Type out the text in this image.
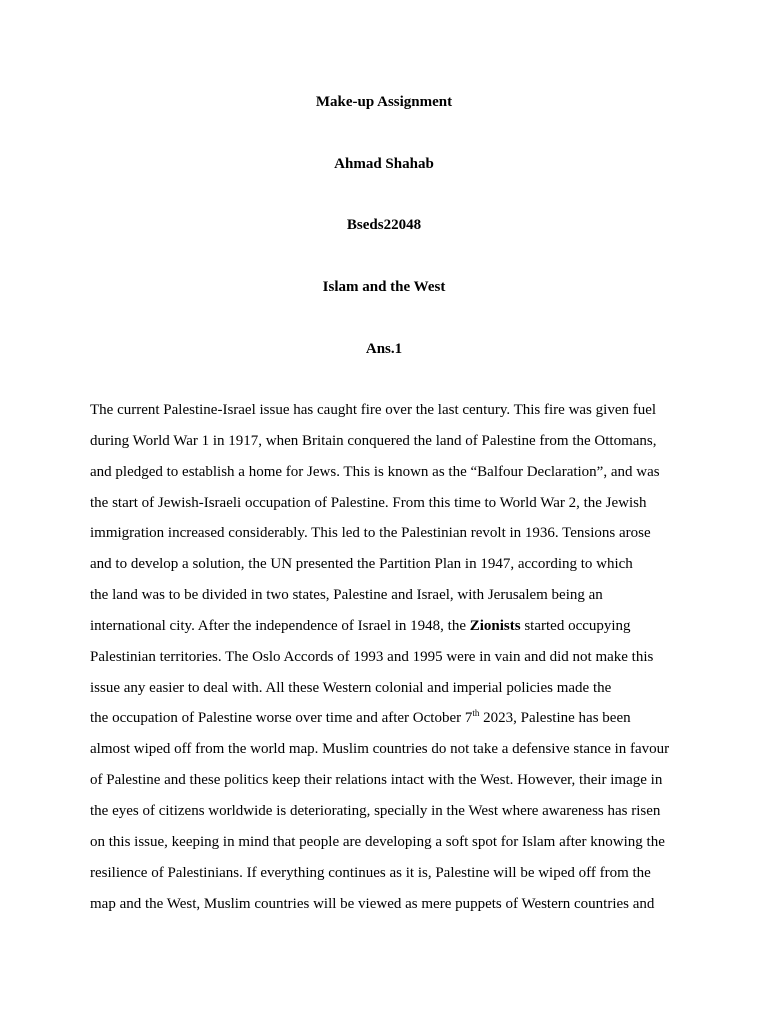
Make-up Assignment
Ahmad Shahab
Bseds22048
Islam and the West
Ans.1
The current Palestine-Israel issue has caught fire over the last century. This fire was given fuel
during World War 1 in 1917, when Britain conquered the land of Palestine from the Ottomans,
and pledged to establish a home for Jews. This is known as the “Balfour Declaration”, and was
the start of Jewish-Israeli occupation of Palestine. From this time to World War 2, the Jewish
immigration increased considerably. This led to the Palestinian revolt in 1936. Tensions arose
and to develop a solution, the UN presented the Partition Plan in 1947, according to which
the land was to be divided in two states, Palestine and Israel, with Jerusalem being an
international city. After the independence of Israel in 1948, the Zionists started occupying
Palestinian territories. The Oslo Accords of 1993 and 1995 were in vain and did not make this
issue any easier to deal with. All these Western colonial and imperial policies made the
the occupation of Palestine worse over time and after October 7th 2023, Palestine has been
almost wiped off from the world map. Muslim countries do not take a defensive stance in favour
of Palestine and these politics keep their relations intact with the West. However, their image in
the eyes of citizens worldwide is deteriorating, specially in the West where awareness has risen
on this issue, keeping in mind that people are developing a soft spot for Islam after knowing the
resilience of Palestinians. If everything continues as it is, Palestine will be wiped off from the
map and the West, Muslim countries will be viewed as mere puppets of Western countries and
